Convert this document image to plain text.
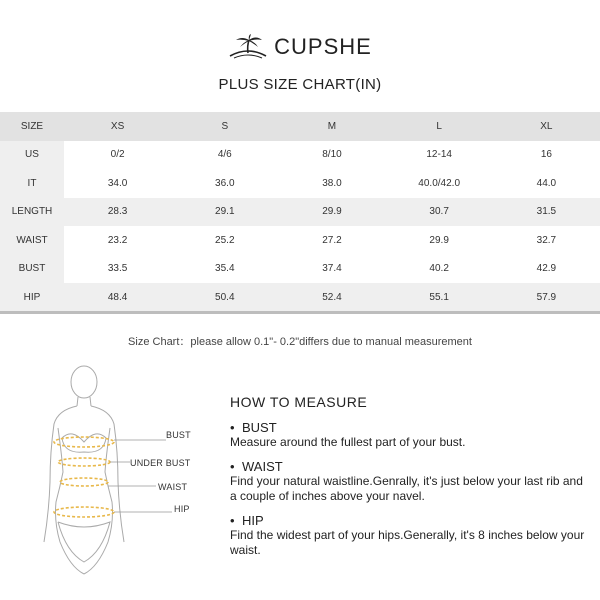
CUPSHE
PLUS SIZE CHART(IN)
SIZE	XS	S	M	L	XL
US	0/2	4/6	8/10	12-14	16
IT	34.0	36.0	38.0	40.0/42.0	44.0
LENGTH	28.3	29.1	29.9	30.7	31.5
WAIST	23.2	25.2	27.2	29.9	32.7
BUST	33.5	35.4	37.4	40.2	42.9
HIP	48.4	50.4	52.4	55.1	57.9
Size Chart：please allow 0.1"- 0.2"differs due to manual measurement
BUST
UNDER BUST
WAIST
HIP
HOW TO MEASURE
• BUST
Measure around the fullest part of your bust.
• WAIST
Find your natural waistline.Genrally, it's just below your last rib and a couple of inches above your navel.
• HIP
Find the widest part of your hips.Generally, it's 8 inches below your waist.
